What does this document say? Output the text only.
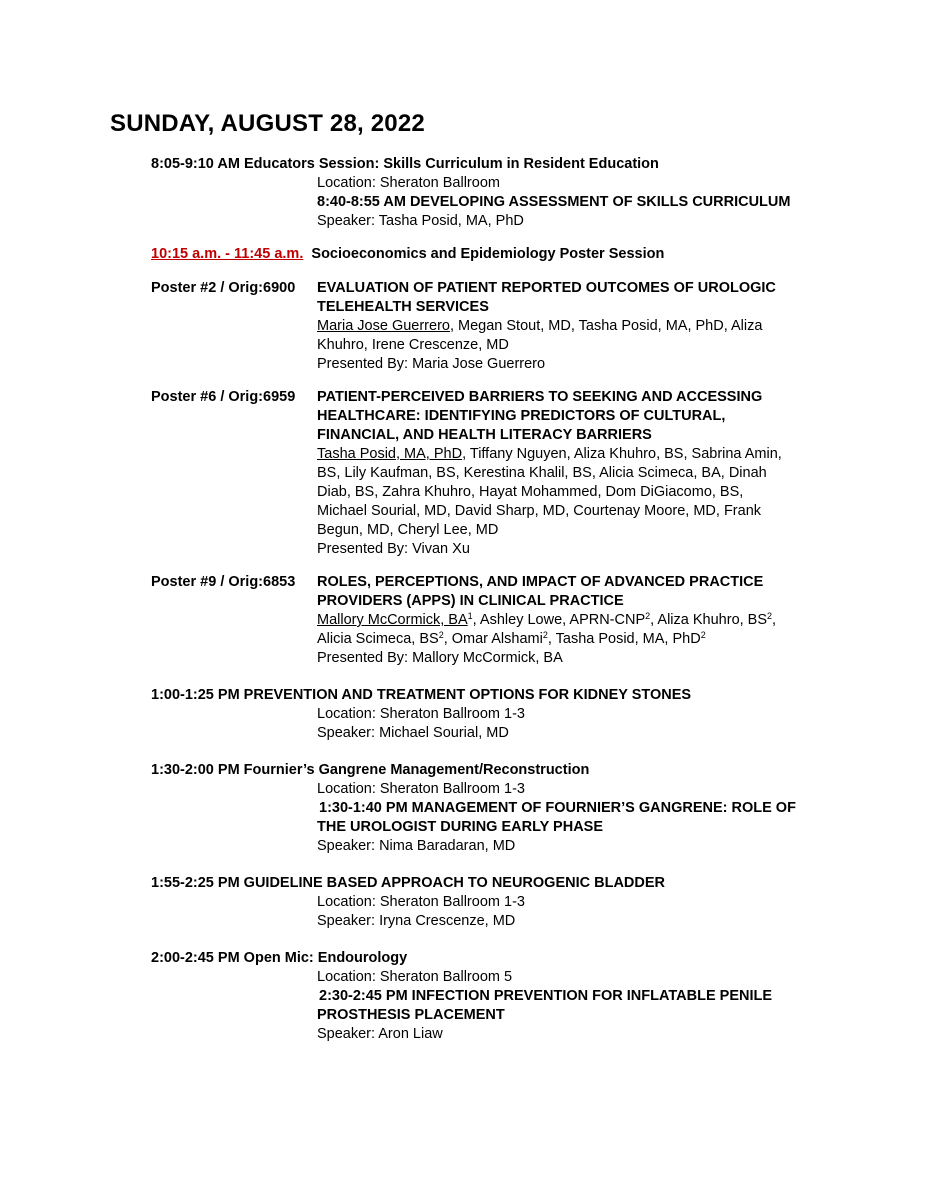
SUNDAY, AUGUST 28, 2022
8:05-9:10 AM Educators Session: Skills Curriculum in Resident Education
Location: Sheraton Ballroom
8:40-8:55 AM DEVELOPING ASSESSMENT OF SKILLS CURRICULUM
Speaker: Tasha Posid, MA, PhD
10:15 a.m. - 11:45 a.m. Socioeconomics and Epidemiology Poster Session
Poster #2 / Orig:6900 EVALUATION OF PATIENT REPORTED OUTCOMES OF UROLOGIC
TELEHEALTH SERVICES
Maria Jose Guerrero, Megan Stout, MD, Tasha Posid, MA, PhD, Aliza
Khuhro, Irene Crescenze, MD
Presented By: Maria Jose Guerrero
Poster #6 / Orig:6959 PATIENT-PERCEIVED BARRIERS TO SEEKING AND ACCESSING
HEALTHCARE: IDENTIFYING PREDICTORS OF CULTURAL,
FINANCIAL, AND HEALTH LITERACY BARRIERS
Tasha Posid, MA, PhD, Tiffany Nguyen, Aliza Khuhro, BS, Sabrina Amin,
BS, Lily Kaufman, BS, Kerestina Khalil, BS, Alicia Scimeca, BA, Dinah
Diab, BS, Zahra Khuhro, Hayat Mohammed, Dom DiGiacomo, BS,
Michael Sourial, MD, David Sharp, MD, Courtenay Moore, MD, Frank
Begun, MD, Cheryl Lee, MD
Presented By: Vivan Xu
Poster #9 / Orig:6853 ROLES, PERCEPTIONS, AND IMPACT OF ADVANCED PRACTICE
PROVIDERS (APPS) IN CLINICAL PRACTICE
Mallory McCormick, $BA^1$, Ashley Lowe, APRN-CNP$^2$, Aliza Khuhro, $BS^2$,
Alicia Scimeca, $BS^2$, Omar Alshami$^2$, Tasha Posid, MA, PhD$^2$
Presented By: Mallory McCormick, BA
1:00-1:25 PM PREVENTION AND TREATMENT OPTIONS FOR KIDNEY STONES
Location: Sheraton Ballroom 1-3
Speaker: Michael Sourial, MD
1:30-2:00 PM Fournier’s Gangrene Management/Reconstruction
Location: Sheraton Ballroom 1-3
1:30-1:40 PM MANAGEMENT OF FOURNIER’S GANGRENE: ROLE OF
THE UROLOGIST DURING EARLY PHASE
Speaker: Nima Baradaran, MD
1:55-2:25 PM GUIDELINE BASED APPROACH TO NEUROGENIC BLADDER
Location: Sheraton Ballroom 1-3
Speaker: Iryna Crescenze, MD
2:00-2:45 PM Open Mic: Endourology
Location: Sheraton Ballroom 5
2:30-2:45 PM INFECTION PREVENTION FOR INFLATABLE PENILE
PROSTHESIS PLACEMENT
Speaker: Aron Liaw
